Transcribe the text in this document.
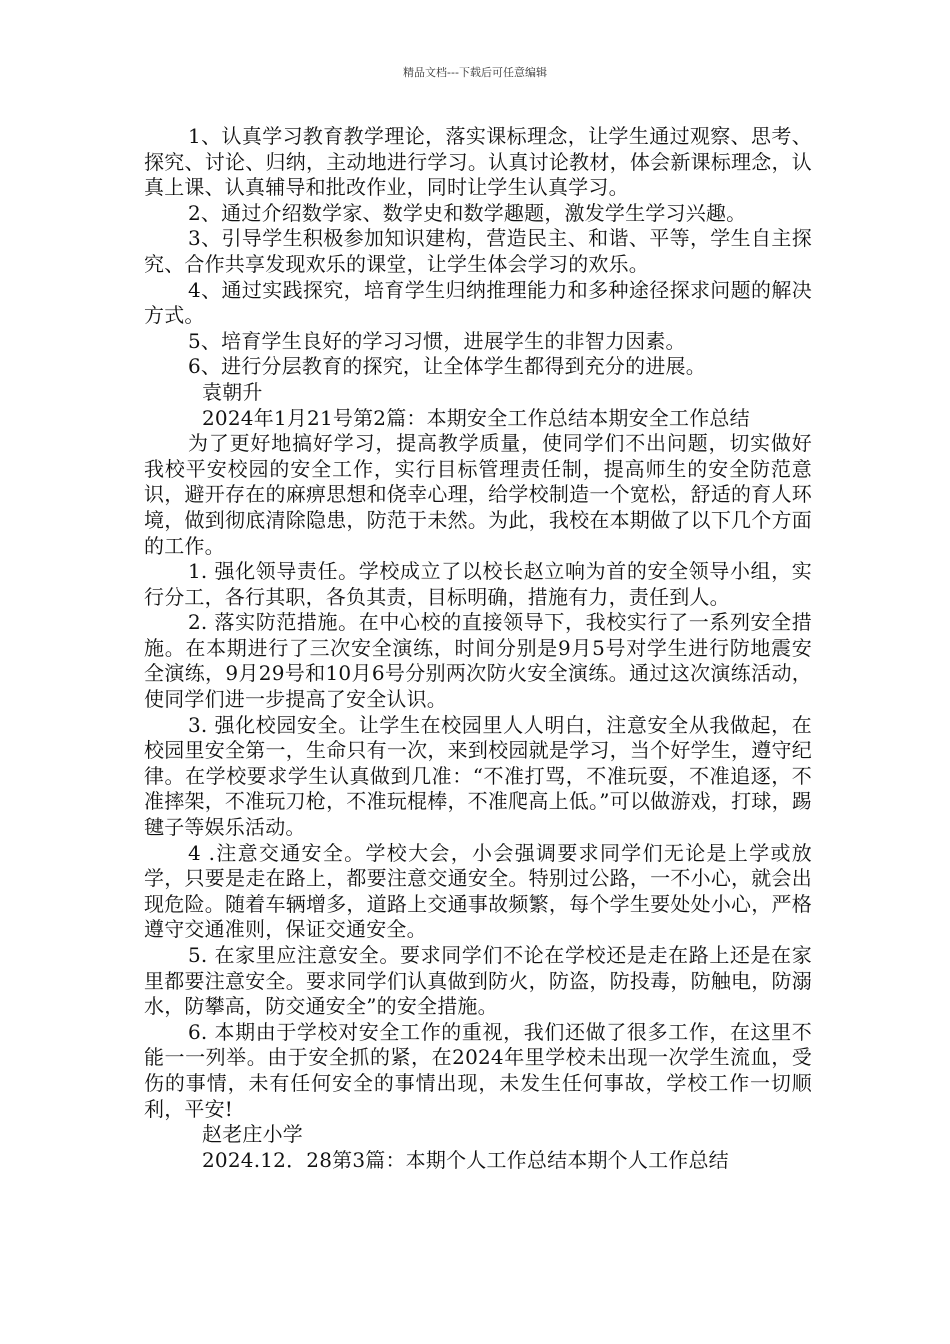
精品文档---下载后可任意编辑

1、认真学习教育教学理论，落实课标理念，让学生通过观察、思考、探究、讨论、归纳，主动地进行学习。认真讨论教材，体会新课标理念，认真上课、认真辅导和批改作业，同时让学生认真学习。

2、通过介绍数学家、数学史和数学趣题，激发学生学习兴趣。

3、引导学生积极参加知识建构，营造民主、和谐、平等，学生自主探究、合作共享发现欢乐的课堂，让学生体会学习的欢乐。

4、通过实践探究，培育学生归纳推理能力和多种途径探求问题的解决方式。

5、培育学生良好的学习习惯，进展学生的非智力因素。

6、进行分层教育的探究，让全体学生都得到充分的进展。

袁朝升

2024年1月21号第2篇：本期安全工作总结本期安全工作总结

为了更好地搞好学习，提高教学质量，使同学们不出问题，切实做好我校平安校园的安全工作，实行目标管理责任制，提高师生的安全防范意识，避开存在的麻痹思想和侥幸心理，给学校制造一个宽松，舒适的育人环境，做到彻底清除隐患，防范于未然。为此，我校在本期做了以下几个方面的工作。

1. 强化领导责任。学校成立了以校长赵立响为首的安全领导小组，实行分工，各行其职，各负其责，目标明确，措施有力，责任到人。

2. 落实防范措施。在中心校的直接领导下，我校实行了一系列安全措施。在本期进行了三次安全演练，时间分别是9月5号对学生进行防地震安全演练，9月29号和10月6号分别两次防火安全演练。通过这次演练活动，使同学们进一步提高了安全认识。

3. 强化校园安全。让学生在校园里人人明白，注意安全从我做起，在校园里安全第一，生命只有一次，来到校园就是学习，当个好学生，遵守纪律。在学校要求学生认真做到几准：“不准打骂，不准玩耍，不准追逐，不准摔架，不准玩刀枪，不准玩棍棒，不准爬高上低。”可以做游戏，打球，踢毽子等娱乐活动。

4 .注意交通安全。学校大会，小会强调要求同学们无论是上学或放学，只要是走在路上，都要注意交通安全。特别过公路，一不小心，就会出现危险。随着车辆增多，道路上交通事故频繁，每个学生要处处小心，严格遵守交通准则，保证交通安全。

5. 在家里应注意安全。要求同学们不论在学校还是走在路上还是在家里都要注意安全。要求同学们认真做到防火，防盗，防投毒，防触电，防溺水，防攀高，防交通安全”的安全措施。

6. 本期由于学校对安全工作的重视，我们还做了很多工作，在这里不能一一列举。由于安全抓的紧，在2024年里学校未出现一次学生流血，受伤的事情，未有任何安全的事情出现，未发生任何事故，学校工作一切顺利，平安!

赵老庄小学

2024.12．28第3篇：本期个人工作总结本期个人工作总结
